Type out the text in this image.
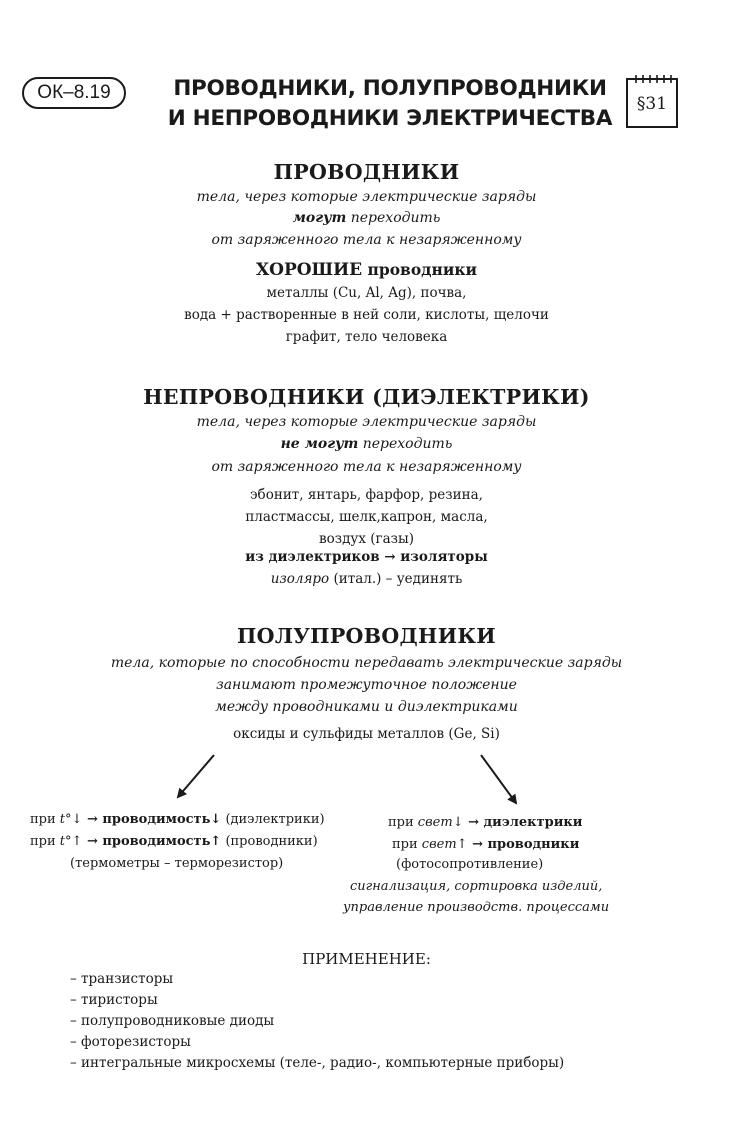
ОК–8.19	ПРОВОДНИКИ, ПОЛУПРОВОДНИКИ
И НЕПРОВОДНИКИ ЭЛЕКТРИЧЕСТВА
§31
ПРОВОДНИКИ
тела, через которые электрические заряды
могут переходить
от заряженного тела к незаряженному
ХОРОШИЕ проводники
металлы (Cu, Al, Ag), почва,
вода + растворенные в ней соли, кислоты, щелочи
графит, тело человека
НЕПРОВОДНИКИ (ДИЭЛЕКТРИКИ)
тела, через которые электрические заряды
не могут переходить
от заряженного тела к незаряженному
эбонит, янтарь, фарфор, резина,
пластмассы, шелк,капрон, масла,
воздух (газы)
из диэлектриков → изоляторы
изоляро (итал.) – уединять
ПОЛУПРОВОДНИКИ
тела, которые по способности передавать электрические заряды
занимают промежуточное положение
между проводниками и диэлектриками
оксиды и сульфиды металлов (Ge, Si)
при t°↓ → проводимость↓ (диэлектрики)
при t°↑ → проводимость↑ (проводники)
(термометры – терморезистор)
при свет↓ → диэлектрики
при свет↑ → проводники
(фотосопротивление)
сигнализация, сортировка изделий,
управление производств. процессами
ПРИМЕНЕНИЕ:
– транзисторы
– тиристоры
– полупроводниковые диоды
– фоторезисторы
– интегральные микросхемы (теле-, радио-, компьютерные приборы)
